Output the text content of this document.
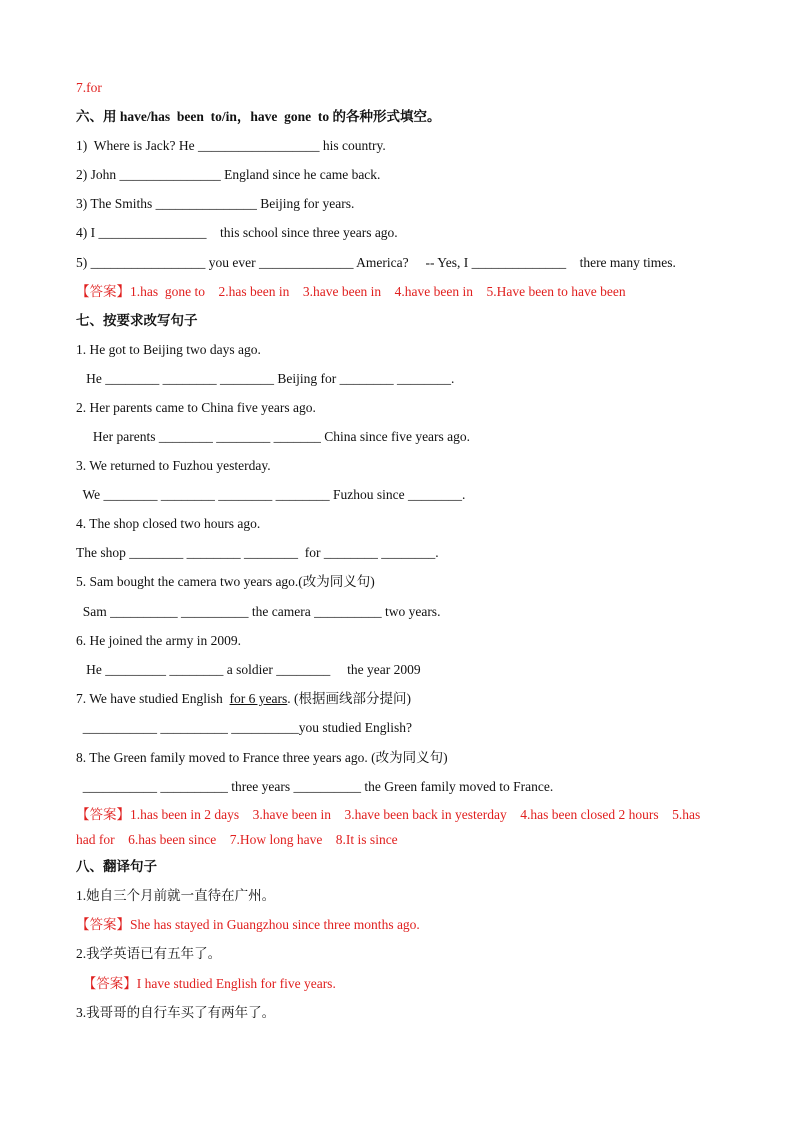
7.for
六、用 have/has  been  to/in，have  gone  to 的各种形式填空。
1)  Where is Jack? He __________________ his country.
2) John _______________ England since he came back.
3) The Smiths _______________ Beijing for years.
4) I ________________    this school since three years ago.
5) _________________ you ever ______________ America?     -- Yes, I ______________    there many times.
【答案】1.has  gone to    2.has been in    3.have been in    4.have been in    5.Have been to have been
七、按要求改写句子
1. He got to Beijing two days ago.
He ________ ________ ________ Beijing for ________ ________.
2. Her parents came to China five years ago.
Her parents ________ ________ _______ China since five years ago.
3. We returned to Fuzhou yesterday.
We ________ ________ ________ ________ Fuzhou since ________.
4. The shop closed two hours ago.
The shop ________ ________ ________  for ________ ________.
5. Sam bought the camera two years ago.(改为同义句)
Sam __________ __________ the camera __________ two years.
6. He joined the army in 2009.
He _________ ________ a soldier ________     the year 2009
7. We have studied English  for 6 years. (根据画线部分提问)
___________ __________ __________you studied English?
8. The Green family moved to France three years ago. (改为同义句)
___________ __________ three years __________ the Green family moved to France.
【答案】1.has been in 2 days    3.have been in    3.have been back in yesterday    4.has been closed 2 hours    5.has
had for    6.has been since    7.How long have    8.It is since
八、翻译句子
1.她自三个月前就一直待在广州。
【答案】She has stayed in Guangzhou since three months ago.
2.我学英语已有五年了。
【答案】I have studied English for five years.
3.我哥哥的自行车买了有两年了。
